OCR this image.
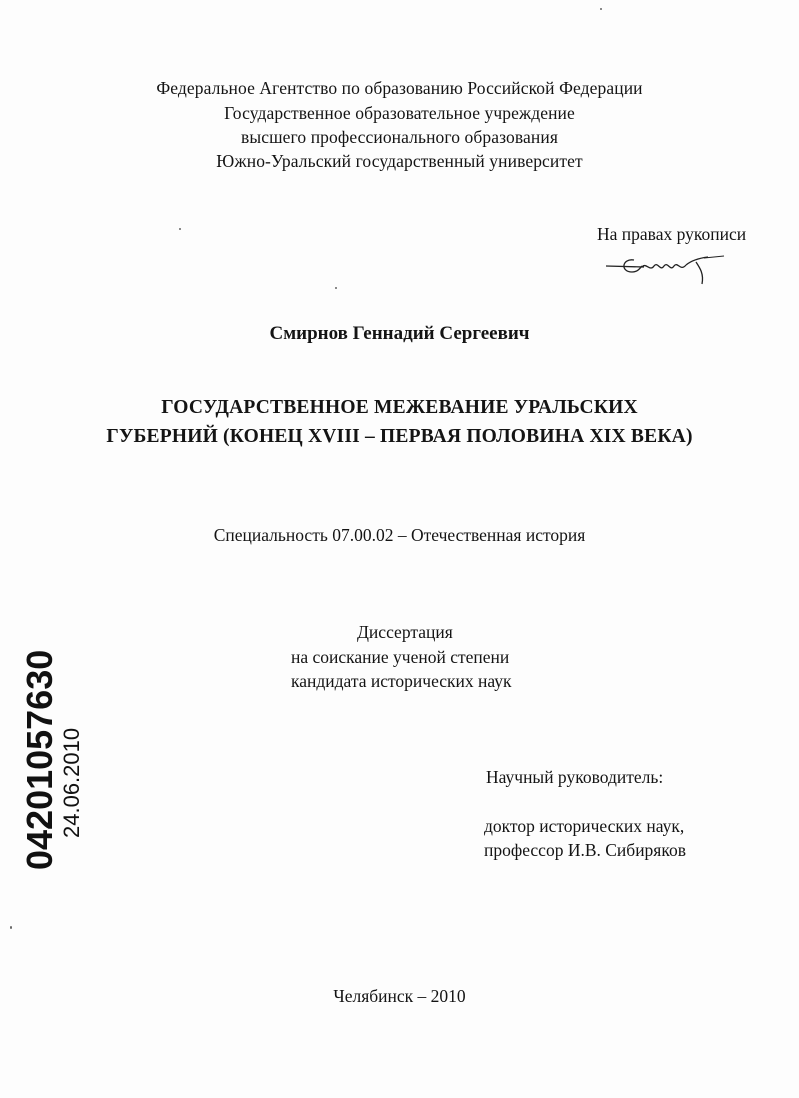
Федеральное Агентство по образованию Российской Федерации
Государственное образовательное учреждение
высшего профессионального образования
Южно-Уральский государственный университет
На правах рукописи
Смирнов Геннадий Сергеевич
ГОСУДАРСТВЕННОЕ МЕЖЕВАНИЕ УРАЛЬСКИХ
ГУБЕРНИЙ (КОНЕЦ XVIII – ПЕРВАЯ ПОЛОВИНА XIX ВЕКА)
Специальность 07.00.02 – Отечественная история
Диссертация
на соискание ученой степени
кандидата исторических наук
Научный руководитель:
доктор исторических наук,
профессор И.В. Сибиряков
Челябинск – 2010
04201057630 24.06.2010
